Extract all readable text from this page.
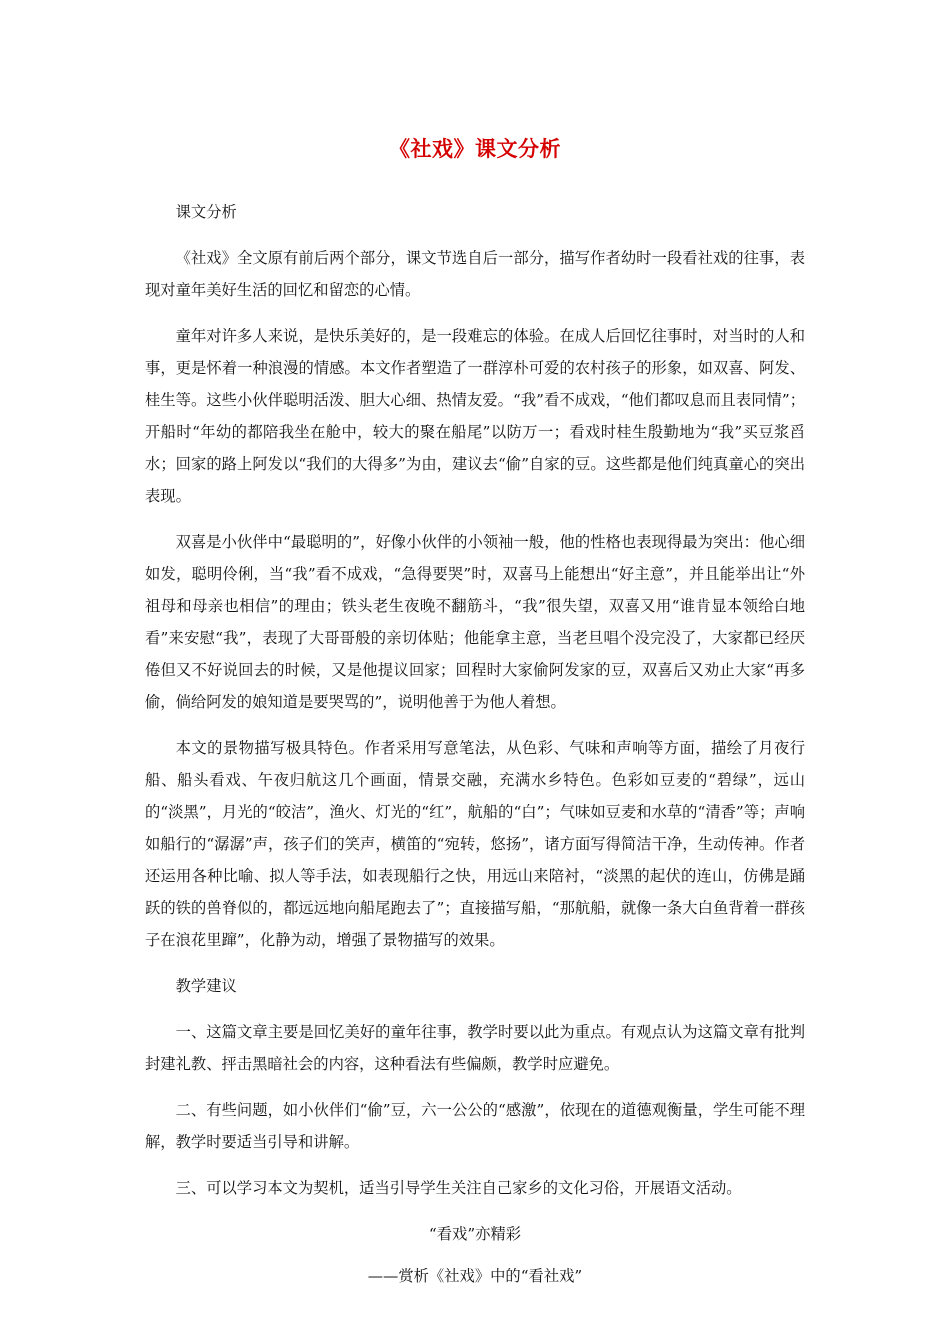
《社戏》课文分析
课文分析

《社戏》全文原有前后两个部分，课文节选自后一部分，描写作者幼时一段看社戏的往事，表现对童年美好生活的回忆和留恋的心情。

童年对许多人来说，是快乐美好的，是一段难忘的体验。在成人后回忆往事时，对当时的人和事，更是怀着一种浪漫的情感。本文作者塑造了一群淳朴可爱的农村孩子的形象，如双喜、阿发、桂生等。这些小伙伴聪明活泼、胆大心细、热情友爱。“我”看不成戏，“他们都叹息而且表同情”；开船时“年幼的都陪我坐在舱中，较大的聚在船尾”以防万一；看戏时桂生殷勤地为“我”买豆浆舀水；回家的路上阿发以“我们的大得多”为由，建议去“偷”自家的豆。这些都是他们纯真童心的突出表现。

双喜是小伙伴中“最聪明的”，好像小伙伴的小领袖一般，他的性格也表现得最为突出：他心细如发，聪明伶俐，当“我”看不成戏，“急得要哭”时，双喜马上能想出“好主意”，并且能举出让“外祖母和母亲也相信”的理由；铁头老生夜晚不翻筋斗，“我”很失望，双喜又用“谁肯显本领给白地看”来安慰“我”，表现了大哥哥般的亲切体贴；他能拿主意，当老旦唱个没完没了，大家都已经厌倦但又不好说回去的时候，又是他提议回家；回程时大家偷阿发家的豆，双喜后又劝止大家“再多偷，倘给阿发的娘知道是要哭骂的”，说明他善于为他人着想。

本文的景物描写极具特色。作者采用写意笔法，从色彩、气味和声响等方面，描绘了月夜行船、船头看戏、午夜归航这几个画面，情景交融，充满水乡特色。色彩如豆麦的“碧绿”，远山的“淡黑”，月光的“皎洁”，渔火、灯光的“红”，航船的“白”；气味如豆麦和水草的“清香”等；声响如船行的“潺潺”声，孩子们的笑声，横笛的“宛转，悠扬”，诸方面写得简洁干净，生动传神。作者还运用各种比喻、拟人等手法，如表现船行之快，用远山来陪衬，“淡黑的起伏的连山，仿佛是踊跃的铁的兽脊似的，都远远地向船尾跑去了”；直接描写船，“那航船，就像一条大白鱼背着一群孩子在浪花里蹿”，化静为动，增强了景物描写的效果。

教学建议

一、这篇文章主要是回忆美好的童年往事，教学时要以此为重点。有观点认为这篇文章有批判封建礼教、抨击黑暗社会的内容，这种看法有些偏颇，教学时应避免。

二、有些问题，如小伙伴们“偷”豆，六一公公的“感激”，依现在的道德观衡量，学生可能不理解，教学时要适当引导和讲解。

三、可以学习本文为契机，适当引导学生关注自己家乡的文化习俗，开展语文活动。

“看戏”亦精彩
——赏析《社戏》中的“看社戏”
